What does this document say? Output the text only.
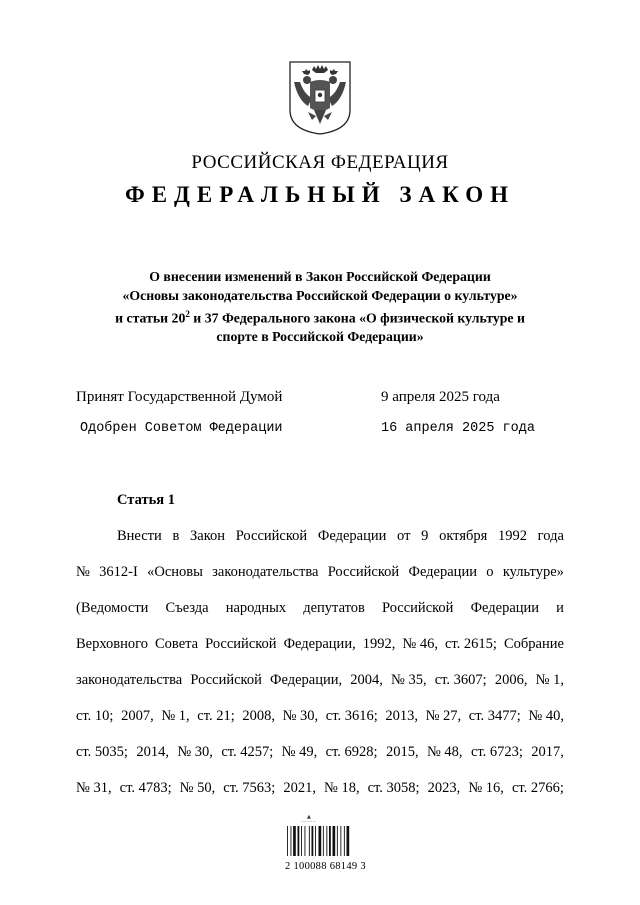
РОССИЙСКАЯ ФЕДЕРАЦИЯ
ФЕДЕРАЛЬНЫЙ ЗАКОН
О внесении изменений в Закон Российской Федерации
«Основы законодательства Российской Федерации о культуре»
и статьи $20^2$ и 37 Федерального закона «О физической культуре и
спорте в Российской Федерации»
Принят Государственной Думой	9 апреля 2025 года
Одобрен Советом Федерации	16 апреля 2025 года
Статья 1
Внести в Закон Российской Федерации от 9 октября 1992 года
№ 3612-I «Основы законодательства Российской Федерации о культуре»
(Ведомости Съезда народных депутатов Российской Федерации и
Верховного Совета Российской Федерации, 1992, № 46, ст. 2615; Собрание
законодательства Российской Федерации, 2004, № 35, ст. 3607; 2006, № 1,
ст. 10; 2007, № 1, ст. 21; 2008, № 30, ст. 3616; 2013, № 27, ст. 3477; № 40,
ст. 5035; 2014, № 30, ст. 4257; № 49, ст. 6928; 2015, № 48, ст. 6723; 2017,
№ 31, ст. 4783; № 50, ст. 7563; 2021, № 18, ст. 3058; 2023, № 16, ст. 2766;
▲
~~~~~
2 100088 68149 3
